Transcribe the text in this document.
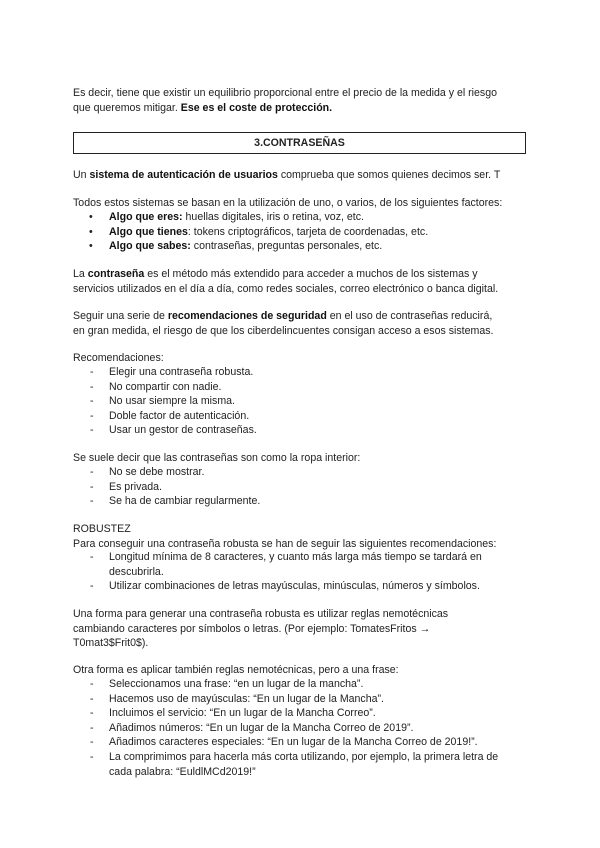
Es decir, tiene que existir un equilibrio proporcional entre el precio de la medida y el riesgo
que queremos mitigar. Ese es el coste de protección.

3.CONTRASEÑAS

Un sistema de autenticación de usuarios comprueba que somos quienes decimos ser. T

Todos estos sistemas se basan en la utilización de uno, o varios, de los siguientes factores:

• Algo que eres: huellas digitales, iris o retina, voz, etc.
• Algo que tienes: tokens criptográficos, tarjeta de coordenadas, etc.
• Algo que sabes: contraseñas, preguntas personales, etc.

La contraseña es el método más extendido para acceder a muchos de los sistemas y
servicios utilizados en el día a día, como redes sociales, correo electrónico o banca digital.

Seguir una serie de recomendaciones de seguridad en el uso de contraseñas reducirá,
en gran medida, el riesgo de que los ciberdelincuentes consigan acceso a esos sistemas.

Recomendaciones:

- Elegir una contraseña robusta.
- No compartir con nadie.
- No usar siempre la misma.
- Doble factor de autenticación.
- Usar un gestor de contraseñas.

Se suele decir que las contraseñas son como la ropa interior:

- No se debe mostrar.
- Es privada.
- Se ha de cambiar regularmente.

ROBUSTEZ
Para conseguir una contraseña robusta se han de seguir las siguientes recomendaciones:

- Longitud mínima de 8 caracteres, y cuanto más larga más tiempo se tardará en
descubrirla.
- Utilizar combinaciones de letras mayúsculas, minúsculas, números y símbolos.

Una forma para generar una contraseña robusta es utilizar reglas nemotécnicas
cambiando caracteres por símbolos o letras. (Por ejemplo: TomatesFritos →
T0mat3$Frit0$).

Otra forma es aplicar también reglas nemotécnicas, pero a una frase:

- Seleccionamos una frase: “en un lugar de la mancha”.
- Hacemos uso de mayúsculas: “En un lugar de la Mancha”.
- Incluimos el servicio: “En un lugar de la Mancha Correo”.
- Añadimos números: “En un lugar de la Mancha Correo de 2019”.
- Añadimos caracteres especiales: “En un lugar de la Mancha Correo de 2019!”.
- La comprimimos para hacerla más corta utilizando, por ejemplo, la primera letra de
cada palabra: “EuldlMCd2019!”
